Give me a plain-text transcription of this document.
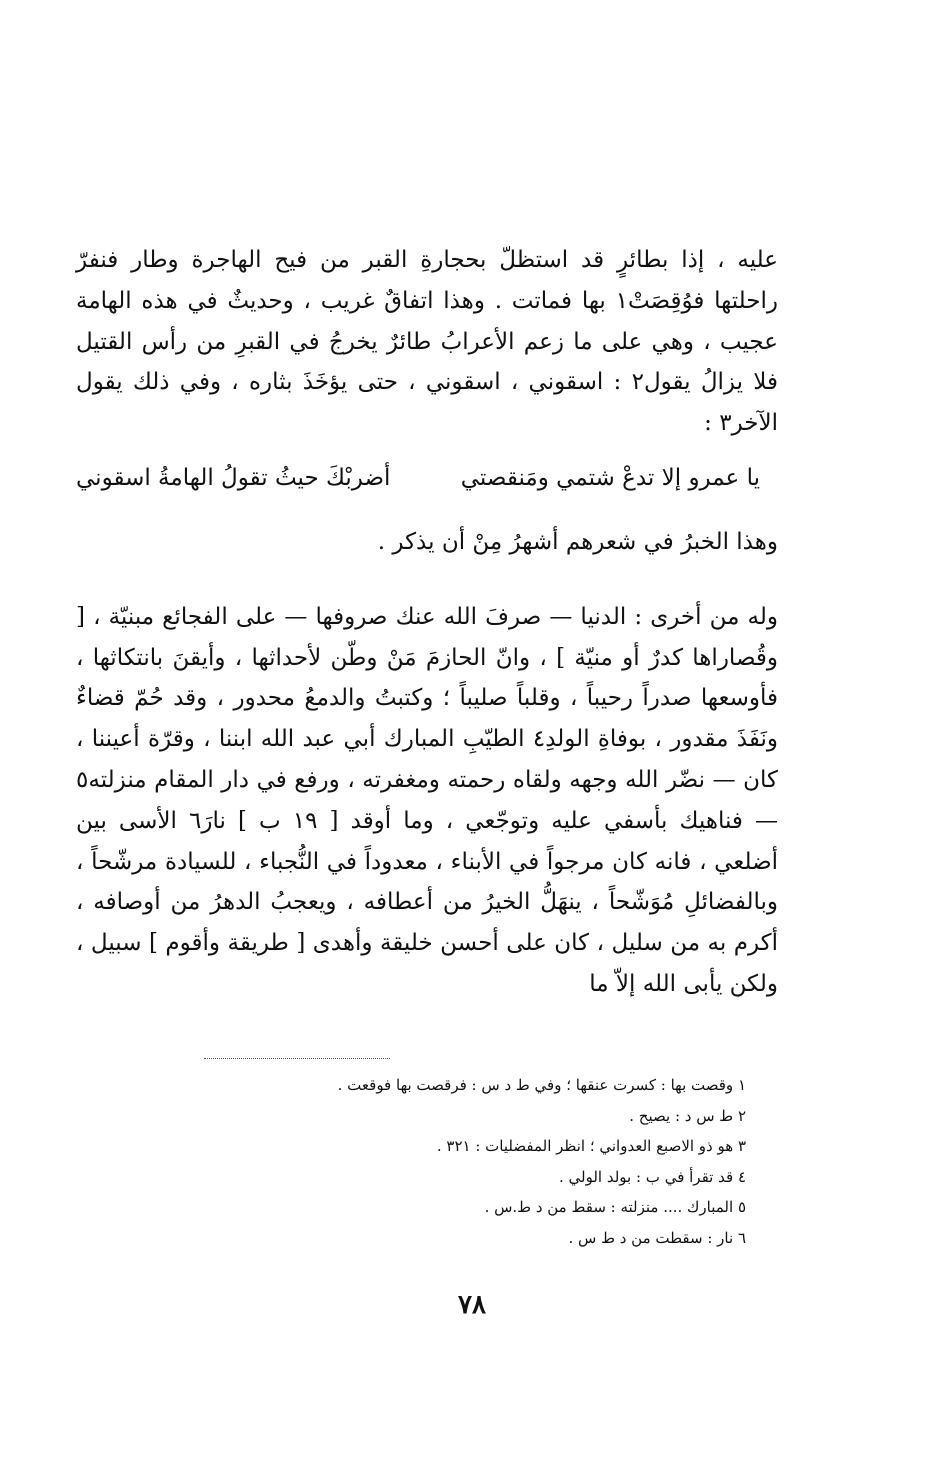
عليه ، إذا بطائرٍ قد استظلّ بحجارةِ القبر من فيح الهاجرة وطار فنفرّ راحلتها فوُقِصَتْ١ بها فماتت . وهذا اتفاقٌ غريب ، وحديثٌ في هذه الهامة عجيب ، وهي على ما زعم الأعرابُ طائرٌ يخرجُ في القبرِ من رأس القتيل فلا يزالُ يقول٢ : اسقوني ، اسقوني ، حتى يؤخَذَ بثاره ، وفي ذلك يقول الآخر٣ :

يا عمرو إلا تدعْ شتمي ومَنقصتي
أضربْكَ حيثُ تقولُ الهامةُ اسقوني

وهذا الخبرُ في شعرهم أشهرُ مِنْ أن يذكر .

وله من أخرى : الدنيا — صرفَ الله عنك صروفها — على الفجائع مبنيّة ، [ وقُصاراها كدرٌ أو منيّة ] ، وانّ الحازمَ مَنْ وطّن لأحداثها ، وأيقنَ بانتكاثها ، فأوسعها صدراً رحيباً ، وقلباً صليباً ؛ وكتبتُ والدمعُ محدور ، وقد حُمّ قضاءٌ ونَفَذَ مقدور ، بوفاةِ الولدِ٤ الطيّبِ المبارك أبي عبد الله ابننا ، وقرّة أعيننا ، كان — نضّر الله وجهه ولقاه رحمته ومغفرته ، ورفع في دار المقام منزلته٥ — فناهيك بأسفي عليه وتوجّعي ، وما أوقد [ ١٩ ب ] نارَ٦ الأسى بين أضلعي ، فانه كان مرجواً في الأبناء ، معدوداً في النُّجباء ، للسيادة مرشّحاً ، وبالفضائلِ مُوَشّحاً ، ينهَلُّ الخيرُ من أعطافه ، ويعجبُ الدهرُ من أوصافه ، أكرم به من سليل ، كان على أحسن خليقة وأهدى [ طريقة وأقوم ] سبيل ، ولكن يأبى الله إلاّ ما

١ وقصت بها : كسرت عنقها ؛ وفي ط د س : فرقصت بها فوقعت .

٢ ط س د : يصيح .

٣ هو ذو الاصبع العدواني ؛ انظر المفضليات : ٣٢١ .

٤ قد تقرأ في ب : بولد الولي .

٥ المبارك .... منزلته : سقط من د ط.س .

٦ نار : سقطت من د ط س .

٧٨
